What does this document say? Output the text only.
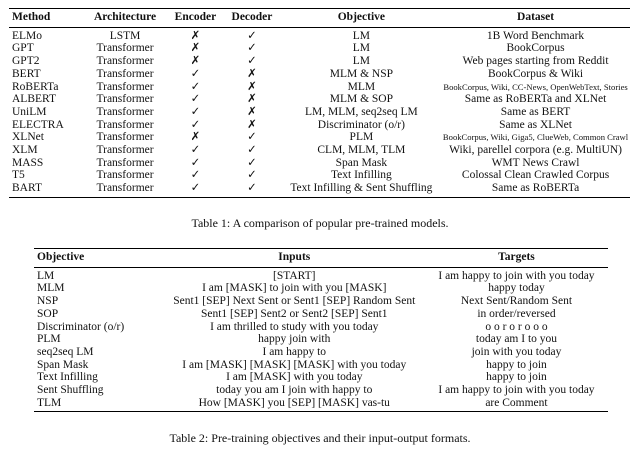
Method	Architecture	Encoder	Decoder	Objective	Dataset
ELMo	LSTM	✗	✓	LM	1B Word Benchmark
GPT	Transformer	✗	✓	LM	BookCorpus
GPT2	Transformer	✗	✓	LM	Web pages starting from Reddit
BERT	Transformer	✓	✗	MLM & NSP	BookCorpus & Wiki
RoBERTa	Transformer	✓	✗	MLM	BookCorpus, Wiki, CC-News, OpenWebText, Stories
ALBERT	Transformer	✓	✗	MLM & SOP	Same as RoBERTa and XLNet
UniLM	Transformer	✓	✗	LM, MLM, seq2seq LM	Same as BERT
ELECTRA	Transformer	✓	✗	Discriminator (o/r)	Same as XLNet
XLNet	Transformer	✗	✓	PLM	BookCorpus, Wiki, Giga5, ClueWeb, Common Crawl
XLM	Transformer	✓	✓	CLM, MLM, TLM	Wiki, parellel corpora (e.g. MultiUN)
MASS	Transformer	✓	✓	Span Mask	WMT News Crawl
T5	Transformer	✓	✓	Text Infilling	Colossal Clean Crawled Corpus
BART	Transformer	✓	✓	Text Infilling & Sent Shuffling	Same as RoBERTa
Table 1: A comparison of popular pre-trained models.
Objective	Inputs	Targets
LM	[START]	I am happy to join with you today
MLM	I am [MASK] to join with you [MASK]	happy today
NSP	Sent1 [SEP] Next Sent or Sent1 [SEP] Random Sent	Next Sent/Random Sent
SOP	Sent1 [SEP] Sent2 or Sent2 [SEP] Sent1	in order/reversed
Discriminator (o/r)	I am thrilled to study with you today	o o r o r o o o
PLM	happy join with	today am I to you
seq2seq LM	I am happy to	join with you today
Span Mask	I am [MASK] [MASK] [MASK] with you today	happy to join
Text Infilling	I am [MASK] with you today	happy to join
Sent Shuffling	today you am I join with happy to	I am happy to join with you today
TLM	How [MASK] you [SEP] [MASK] vas-tu	are Comment
Table 2: Pre-training objectives and their input-output formats.
